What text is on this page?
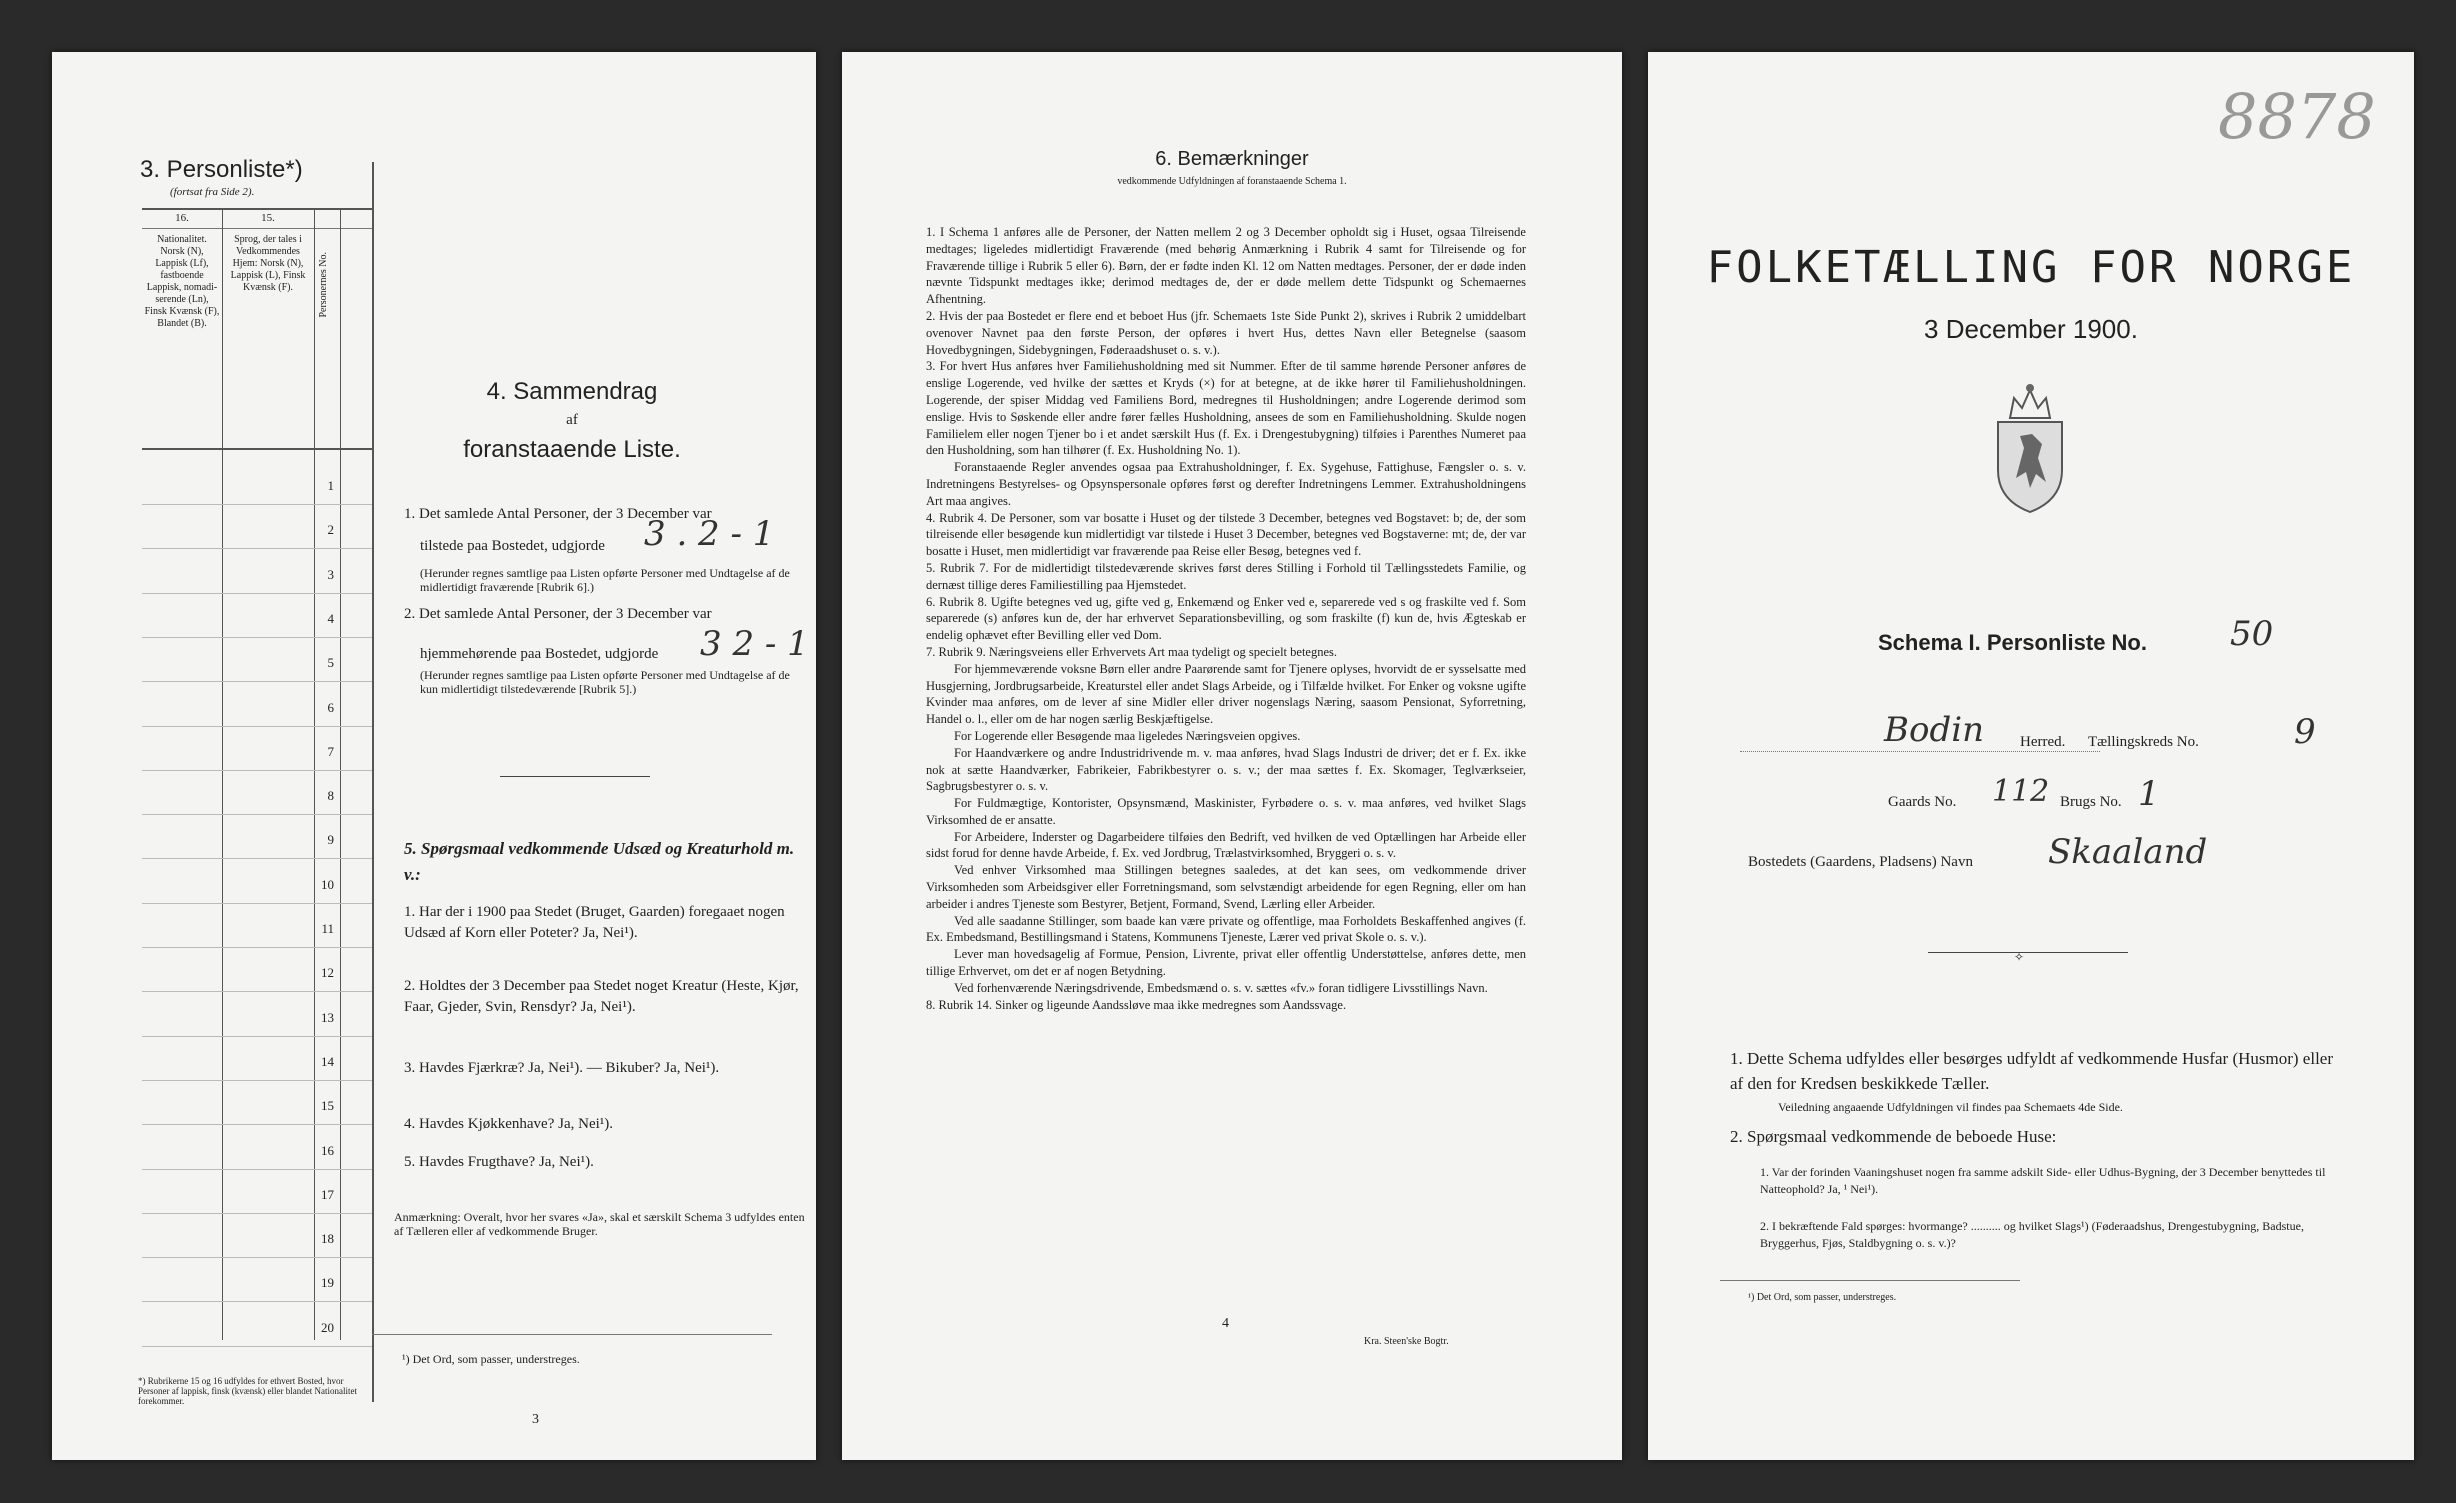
3. Personliste*)
(fortsat fra Side 2).
15.
16.
Nationalitet. Norsk (N), Lappisk (Lf), fastboende Lappisk, nomadi-serende (Ln), Finsk Kvænsk (F), Blandet (B).
Sprog, der tales i Vedkommendes Hjem: Norsk (N), Lappisk (L), Finsk Kvænsk (F).	Personernes No.
1
2
3
4
5
6
7
8
9
10
11
12
13
14
15
16
17
18
19
20
4. Sammendrag
af
foranstaaende Liste.
1. Det samlede Antal Personer, der 3 December var
tilstede paa Bostedet, udgjorde 3 . 2 - 1
(Herunder regnes samtlige paa Listen opførte Personer med Undtagelse af de midlertidigt fraværende [Rubrik 6].)
2. Det samlede Antal Personer, der 3 December var
hjemmehørende paa Bostedet, udgjorde 3 2 - 1
(Herunder regnes samtlige paa Listen opførte Personer med Undtagelse af de kun midlertidigt tilstedeværende [Rubrik 5].)
5. Spørgsmaal vedkommende Udsæd og Kreaturhold m. v.:
1. Har der i 1900 paa Stedet (Bruget, Gaarden) foregaaet nogen Udsæd af Korn eller Poteter? Ja, Nei¹).
2. Holdtes der 3 December paa Stedet noget Kreatur (Heste, Kjør, Faar, Gjeder, Svin, Rensdyr? Ja, Nei¹).
3. Havdes Fjærkræ? Ja, Nei¹). — Bikuber? Ja, Nei¹).
4. Havdes Kjøkkenhave? Ja, Nei¹).
5. Havdes Frugthave? Ja, Nei¹).
Anmærkning: Overalt, hvor her svares «Ja», skal et særskilt Schema 3 udfyldes enten af Tælleren eller af vedkommende Bruger.
¹) Det Ord, som passer, understreges.
*) Rubrikerne 15 og 16 udfyldes for ethvert Bosted, hvor Personer af lappisk, finsk (kvænsk) eller blandet Nationalitet forekommer.
3
6. Bemærkninger
vedkommende Udfyldningen af foranstaaende Schema 1.

1. I Schema 1 anføres alle de Personer, der Natten mellem 2 og 3 December opholdt sig i Huset, ogsaa Tilreisende medtages; ligeledes midlertidigt Fraværende (med behørig Anmærkning i Rubrik 4 samt for Tilreisende og for Fraværende tillige i Rubrik 5 eller 6). Børn, der er fødte inden Kl. 12 om Natten medtages. Personer, der er døde inden nævnte Tidspunkt medtages ikke; derimod medtages de, der er døde mellem dette Tidspunkt og Schemaernes Afhentning.

2. Hvis der paa Bostedet er flere end et beboet Hus (jfr. Schemaets 1ste Side Punkt 2), skrives i Rubrik 2 umiddelbart ovenover Navnet paa den første Person, der opføres i hvert Hus, dettes Navn eller Betegnelse (saasom Hovedbygningen, Sidebygningen, Føderaadshuset o. s. v.).

3. For hvert Hus anføres hver Familiehusholdning med sit Nummer. Efter de til samme hørende Personer anføres de enslige Logerende, ved hvilke der sættes et Kryds (×) for at betegne, at de ikke hører til Familiehusholdningen. Logerende, der spiser Middag ved Familiens Bord, medregnes til Husholdningen; andre Logerende derimod som enslige. Hvis to Søskende eller andre fører fælles Husholdning, ansees de som en Familiehusholdning. Skulde nogen Familielem eller nogen Tjener bo i et andet særskilt Hus (f. Ex. i Drengestubygning) tilføies i Parenthes Numeret paa den Husholdning, som han tilhører (f. Ex. Husholdning No. 1).

Foranstaaende Regler anvendes ogsaa paa Extrahusholdninger, f. Ex. Sygehuse, Fattighuse, Fængsler o. s. v. Indretningens Bestyrelses- og Opsynspersonale opføres først og derefter Indretningens Lemmer. Extrahusholdningens Art maa angives.

4. Rubrik 4. De Personer, som var bosatte i Huset og der tilstede 3 December, betegnes ved Bogstavet: b; de, der som tilreisende eller besøgende kun midlertidigt var tilstede i Huset 3 December, betegnes ved Bogstaverne: mt; de, der var bosatte i Huset, men midlertidigt var fraværende paa Reise eller Besøg, betegnes ved f.

5. Rubrik 7. For de midlertidigt tilstedeværende skrives først deres Stilling i Forhold til Tællingsstedets Familie, og dernæst tillige deres Familiestilling paa Hjemstedet.

6. Rubrik 8. Ugifte betegnes ved ug, gifte ved g, Enkemænd og Enker ved e, separerede ved s og fraskilte ved f. Som separerede (s) anføres kun de, der har erhvervet Separationsbevilling, og som fraskilte (f) kun de, hvis Ægteskab er endelig ophævet efter Bevilling eller ved Dom.

7. Rubrik 9. Næringsveiens eller Erhvervets Art maa tydeligt og specielt betegnes.

For hjemmeværende voksne Børn eller andre Paarørende samt for Tjenere oplyses, hvorvidt de er sysselsatte med Husgjerning, Jordbrugsarbeide, Kreaturstel eller andet Slags Arbeide, og i Tilfælde hvilket. For Enker og voksne ugifte Kvinder maa anføres, om de lever af sine Midler eller driver nogenslags Næring, saasom Pensionat, Syforretning, Handel o. l., eller om de har nogen særlig Beskjæftigelse.

For Logerende eller Besøgende maa ligeledes Næringsveien opgives.

For Haandværkere og andre Industridrivende m. v. maa anføres, hvad Slags Industri de driver; det er f. Ex. ikke nok at sætte Haandværker, Fabrikeier, Fabrikbestyrer o. s. v.; der maa sættes f. Ex. Skomager, Teglværkseier, Sagbrugsbestyrer o. s. v.

For Fuldmægtige, Kontorister, Opsynsmænd, Maskinister, Fyrbødere o. s. v. maa anføres, ved hvilket Slags Virksomhed de er ansatte.

For Arbeidere, Inderster og Dagarbeidere tilføies den Bedrift, ved hvilken de ved Optællingen har Arbeide eller sidst forud for denne havde Arbeide, f. Ex. ved Jordbrug, Trælastvirksomhed, Bryggeri o. s. v.

Ved enhver Virksomhed maa Stillingen betegnes saaledes, at det kan sees, om vedkommende driver Virksomheden som Arbeidsgiver eller Forretningsmand, som selvstændigt arbeidende for egen Regning, eller om han arbeider i andres Tjeneste som Bestyrer, Betjent, Formand, Svend, Lærling eller Arbeider.

Ved alle saadanne Stillinger, som baade kan være private og offentlige, maa Forholdets Beskaffenhed angives (f. Ex. Embedsmand, Bestillingsmand i Statens, Kommunens Tjeneste, Lærer ved privat Skole o. s. v.).

Lever man hovedsagelig af Formue, Pension, Livrente, privat eller offentlig Understøttelse, anføres dette, men tillige Erhvervet, om det er af nogen Betydning.

Ved forhenværende Næringsdrivende, Embedsmænd o. s. v. sættes «fv.» foran tidligere Livsstillings Navn.

8. Rubrik 14. Sinker og ligeunde Aandssløve maa ikke medregnes som Aandssvage.

4
Kra. Steen'ske Bogtr.
8878
FOLKETÆLLING FOR NORGE
3 December 1900.
Schema I. Personliste No. 50
Bodin Herred. Tællingskreds No.	9
Gaards No. 112 Brugs No. 1
Bostedets (Gaardens, Pladsens) Navn Skaaland
✧
1. Dette Schema udfyldes eller besørges udfyldt af vedkommende Husfar (Husmor) eller af den for Kredsen beskikkede Tæller.
Veiledning angaaende Udfyldningen vil findes paa Schemaets 4de Side.
2. Spørgsmaal vedkommende de beboede Huse:
1. Var der forinden Vaaningshuset nogen fra samme adskilt Side- eller Udhus-Bygning, der 3 December benyttedes til Natteophold? Ja, ¹ Nei¹).
2. I bekræftende Fald spørges: hvormange? .......... og hvilket Slags¹) (Føderaadshus, Drengestubygning, Badstue, Bryggerhus, Fjøs, Staldbygning o. s. v.)?
¹) Det Ord, som passer, understreges.
